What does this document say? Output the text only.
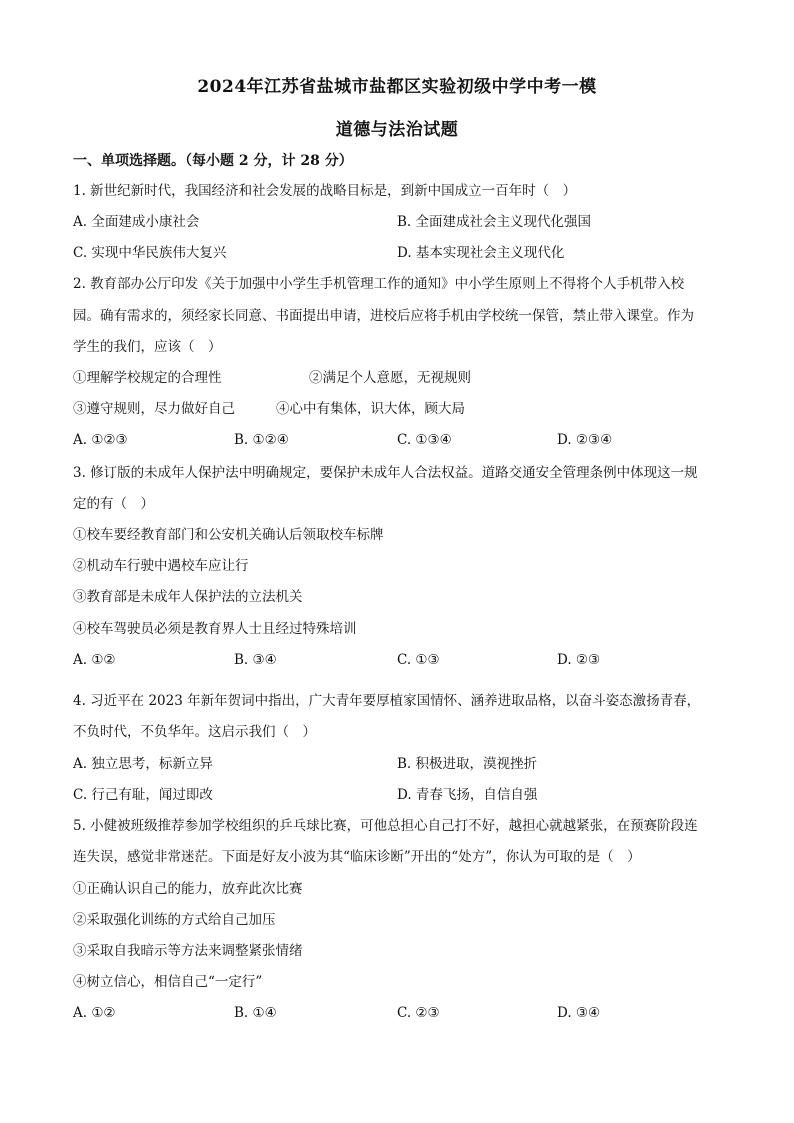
2024年江苏省盐城市盐都区实验初级中学中考一模
道德与法治试题
一、单项选择题。（每小题 2 分，计 28 分）
1. 新世纪新时代，我国经济和社会发展的战略目标是，到新中国成立一百年时（　）
A. 全面建成小康社会	B. 全面建成社会主义现代化强国
C. 实现中华民族伟大复兴	D. 基本实现社会主义现代化
2. 教育部办公厅印发《关于加强中小学生手机管理工作的通知》中小学生原则上不得将个人手机带入校
园。确有需求的，须经家长同意、书面提出申请，进校后应将手机由学校统一保管，禁止带入课堂。作为
学生的我们，应该（　）
①理解学校规定的合理性	②满足个人意愿，无视规则
③遵守规则，尽力做好自己	④心中有集体，识大体，顾大局
A. ①②③	B. ①②④	C. ①③④	D. ②③④
3. 修订版的未成年人保护法中明确规定，要保护未成年人合法权益。道路交通安全管理条例中体现这一规
定的有（　）
①校车要经教育部门和公安机关确认后领取校车标牌
②机动车行驶中遇校车应让行
③教育部是未成年人保护法的立法机关
④校车驾驶员必须是教育界人士且经过特殊培训
A. ①②	B. ③④	C. ①③	D. ②③
4. 习近平在 2023 年新年贺词中指出，广大青年要厚植家国情怀、涵养进取品格，以奋斗姿态激扬青春，
不负时代，不负华年。这启示我们（　）
A. 独立思考，标新立异	B. 积极进取，漠视挫折
C. 行己有耻，闻过即改	D. 青春飞扬，自信自强
5. 小健被班级推荐参加学校组织的乒乓球比赛，可他总担心自己打不好，越担心就越紧张，在预赛阶段连
连失误，感觉非常迷茫。下面是好友小波为其“临床诊断”开出的“处方”，你认为可取的是（　）
①正确认识自己的能力，放弃此次比赛
②采取强化训练的方式给自己加压
③采取自我暗示等方法来调整紧张情绪
④树立信心，相信自己“一定行”
A. ①②	B. ①④	C. ②③	D. ③④
